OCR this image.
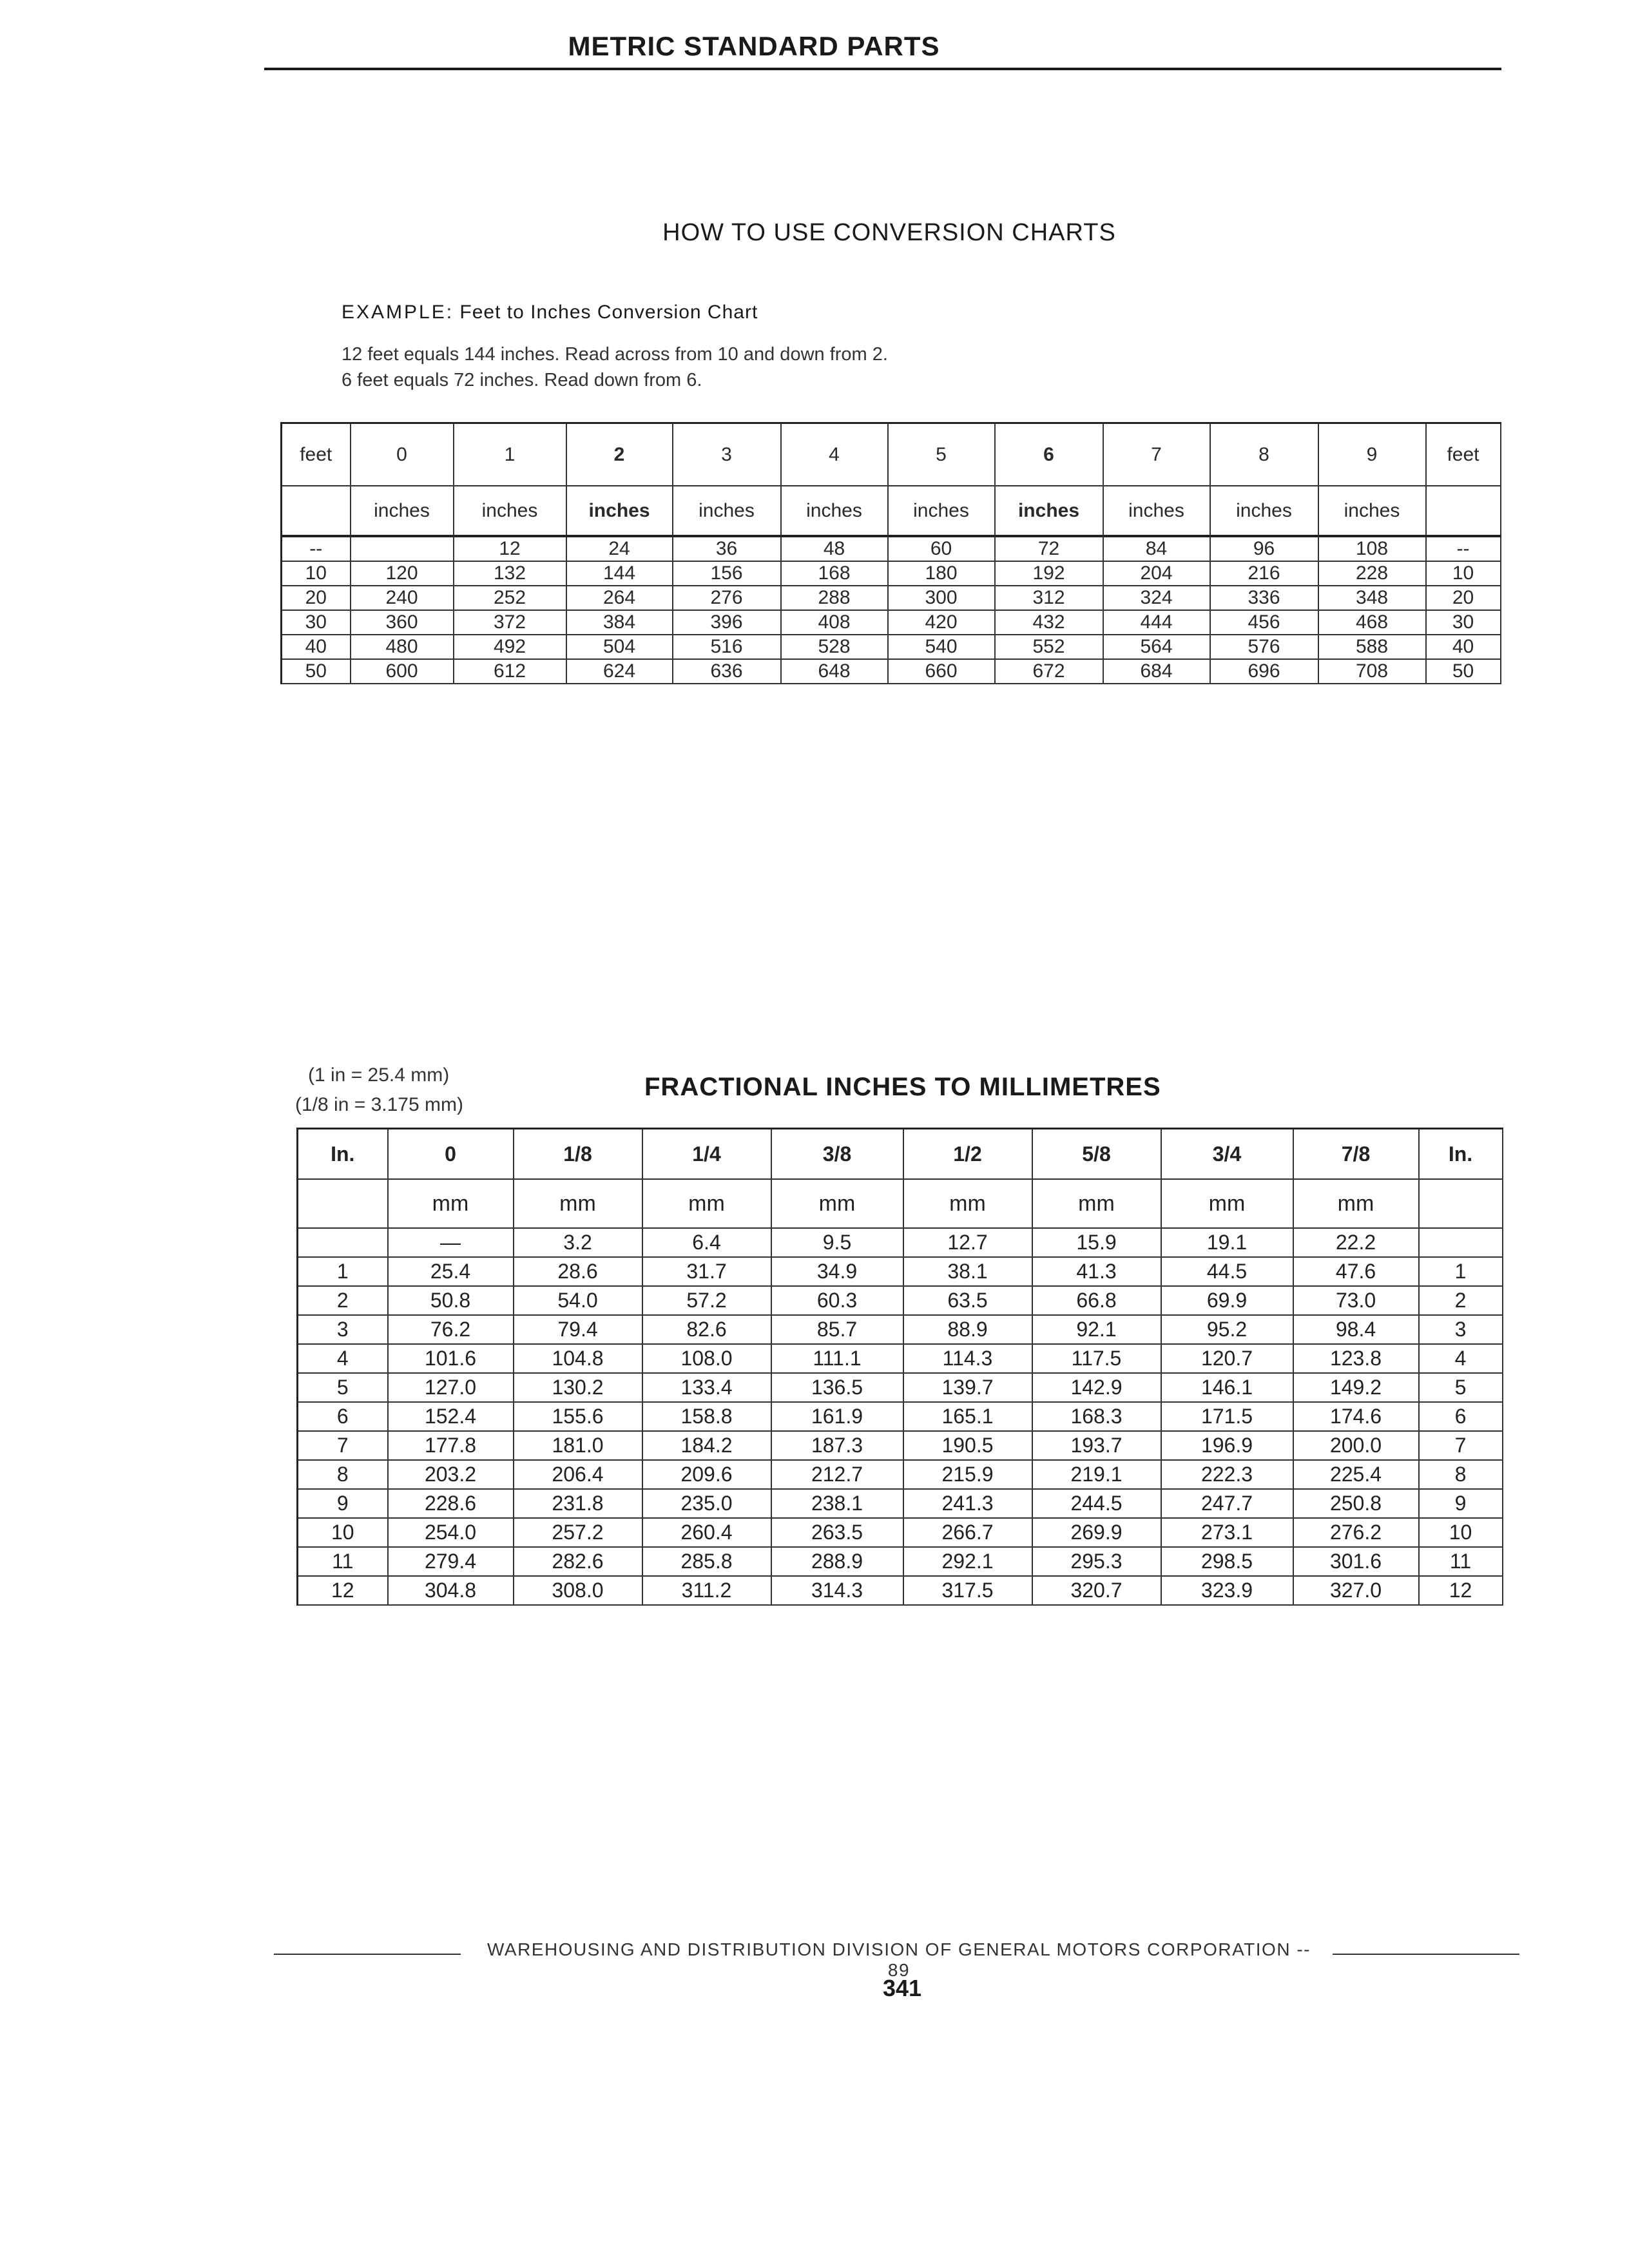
METRIC STANDARD PARTS
HOW TO USE CONVERSION CHARTS
EXAMPLE: Feet to Inches Conversion Chart
12 feet equals 144 inches. Read across from 10 and down from 2.
6 feet equals 72 inches. Read down from 6.
feet	0	1	2	3	4	5	6	7	8	9	feet
	inches	inches	inches	inches	inches	inches	inches	inches	inches	inches	
--		12	24	36	48	60	72	84	96	108	--
10	120	132	144	156	168	180	192	204	216	228	10
20	240	252	264	276	288	300	312	324	336	348	20
30	360	372	384	396	408	420	432	444	456	468	30
40	480	492	504	516	528	540	552	564	576	588	40
50	600	612	624	636	648	660	672	684	696	708	50
(1 in = 25.4 mm)
(1/8 in = 3.175 mm)
FRACTIONAL INCHES TO MILLIMETRES
In.	0	1/8	1/4	3/8	1/2	5/8	3/4	7/8	In.
	mm	mm	mm	mm	mm	mm	mm	mm	
	—	3.2	6.4	9.5	12.7	15.9	19.1	22.2	
1	25.4	28.6	31.7	34.9	38.1	41.3	44.5	47.6	1
2	50.8	54.0	57.2	60.3	63.5	66.8	69.9	73.0	2
3	76.2	79.4	82.6	85.7	88.9	92.1	95.2	98.4	3
4	101.6	104.8	108.0	111.1	114.3	117.5	120.7	123.8	4
5	127.0	130.2	133.4	136.5	139.7	142.9	146.1	149.2	5
6	152.4	155.6	158.8	161.9	165.1	168.3	171.5	174.6	6
7	177.8	181.0	184.2	187.3	190.5	193.7	196.9	200.0	7
8	203.2	206.4	209.6	212.7	215.9	219.1	222.3	225.4	8
9	228.6	231.8	235.0	238.1	241.3	244.5	247.7	250.8	9
10	254.0	257.2	260.4	263.5	266.7	269.9	273.1	276.2	10
11	279.4	282.6	285.8	288.9	292.1	295.3	298.5	301.6	11
12	304.8	308.0	311.2	314.3	317.5	320.7	323.9	327.0	12
WAREHOUSING AND DISTRIBUTION DIVISION OF GENERAL MOTORS CORPORATION -- 89
341
